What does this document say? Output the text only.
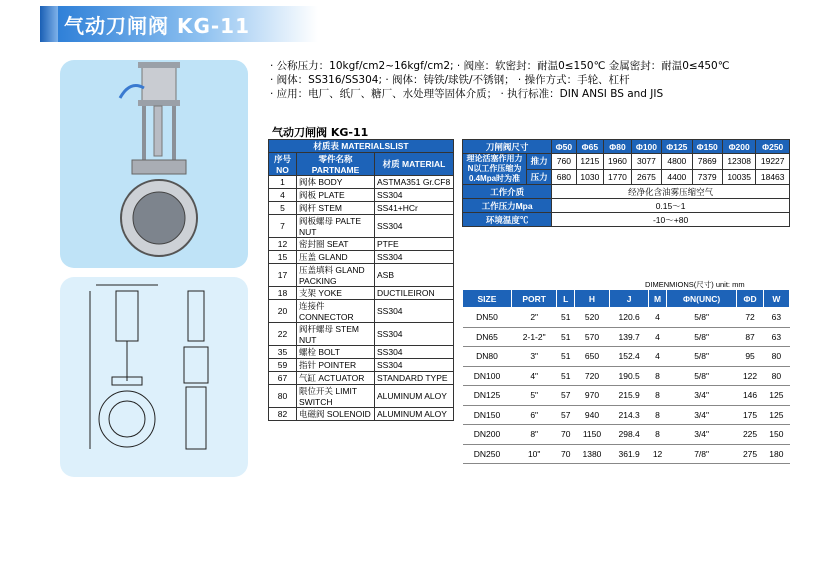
气动刀闸阀 KG-11
· 公称压力：10kgf/cm2~16kgf/cm2; · 阀座：软密封：耐温0≤150℃ 金属密封：耐温0≤450℃
· 阀体：SS316/SS304; · 阀体：铸铁/球铁/不锈钢； · 操作方式：手轮、杠杆
· 应用：电厂、纸厂、糖厂、水处理等固体介质； · 执行标准：DIN ANSI BS and JIS
气动刀闸阀 KG-11
材质表 MATERIALSLIST		
序号 NO	零件名称 PARTNAME	材质 MATERIAL
1	阀体 BODY	ASTMA351 Gr.CF8
4	阀板 PLATE	SS304
5	阀杆 STEM	SS41+HCr
7	阀板螺母 PALTE NUT	SS304
12	密封圈 SEAT	PTFE
15	压盖 GLAND	SS304
17	压盖填料 GLAND PACKING	ASB
18	支架 YOKE	DUCTILEIRON
20	连接件 CONNECTOR	SS304
22	阀杆螺母 STEM NUT	SS304
35	螺栓 BOLT	SS304
59	指针 POINTER	SS304
67	气缸 ACTUATOR	STANDARD TYPE
80	限位开关 LIMIT SWITCH	ALUMINUM ALOY
82	电磁阀 SOLENOID	ALUMINUM ALOY
刀闸阀尺寸		Φ50	Φ65	Φ80	Φ100	Φ125	Φ150	Φ200	Φ250
理论活塞作用力N以工作压缩为0.4Mpa时为准	推力	760	1215	1960	3077	4800	7869	12308	19227
	压力	680	1030	1770	2675	4400	7379	10035	18463
工作介质		经净化含油雾压缩空气							
工作压力Mpa		0.15～1							
环境温度℃		-10～+80							
DIMENMIONS(尺寸) unit: mm
SIZE	PORT	L	H	J	M	ΦN(UNC)	ΦD	W
DN50	2"	51	520	120.6	4	5/8"	72	63
DN65	2-1-2"	51	570	139.7	4	5/8"	87	63
DN80	3"	51	650	152.4	4	5/8"	95	80
DN100	4"	51	720	190.5	8	5/8"	122	80
DN125	5"	57	970	215.9	8	3/4"	146	125
DN150	6"	57	940	214.3	8	3/4"	175	125
DN200	8"	70	1150	298.4	8	3/4"	225	150
DN250	10"	70	1380	361.9	12	7/8"	275	180
